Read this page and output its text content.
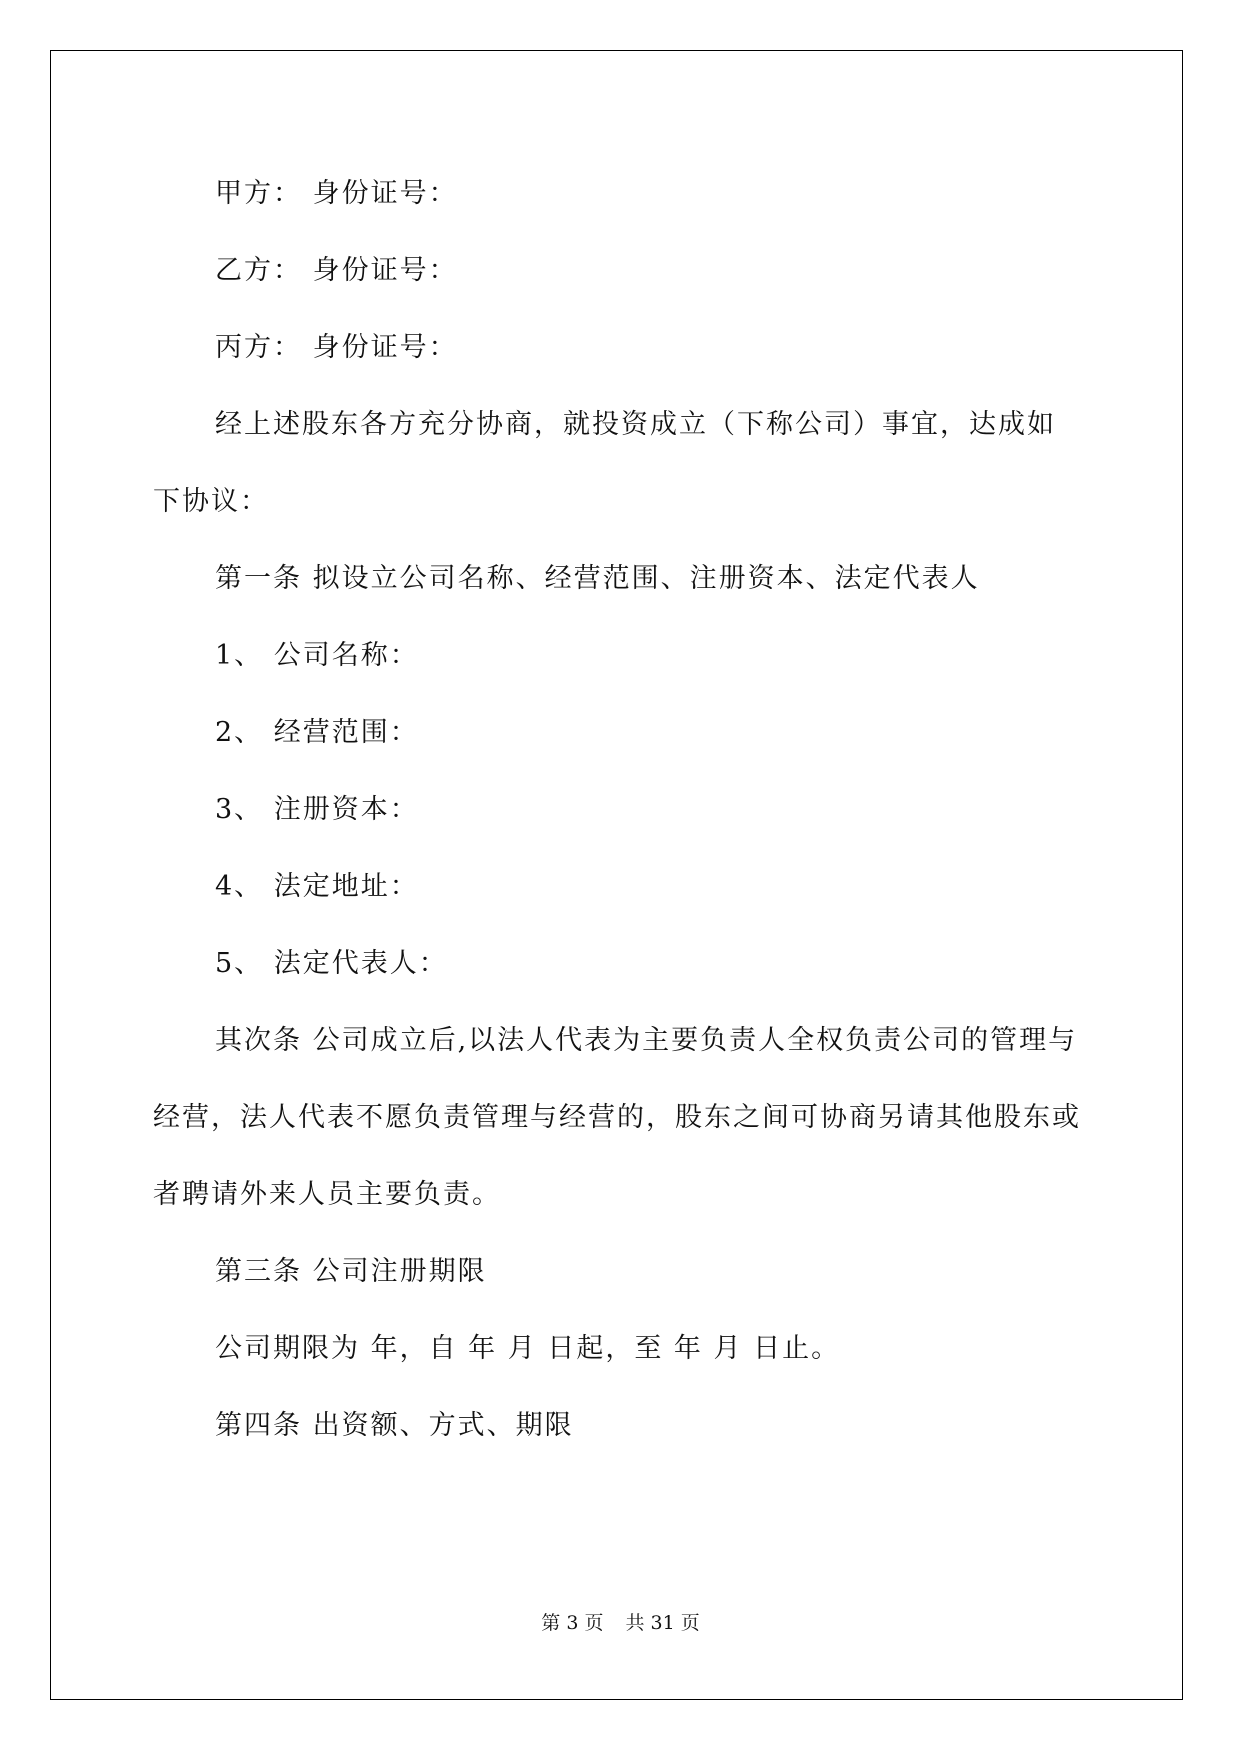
甲方： 身份证号：

乙方： 身份证号：

丙方： 身份证号：

经上述股东各方充分协商，就投资成立（下称公司）事宜，达成如下协议：

第一条 拟设立公司名称、经营范围、注册资本、法定代表人

1、 公司名称：

2、 经营范围：

3、 注册资本：

4、 法定地址：

5、 法定代表人：

其次条 公司成立后,以法人代表为主要负责人全权负责公司的管理与经营，法人代表不愿负责管理与经营的，股东之间可协商另请其他股东或者聘请外来人员主要负责。

第三条 公司注册期限

公司期限为 年，自 年 月 日起，至 年 月 日止。

第四条 出资额、方式、期限

第 3 页 共 31 页
